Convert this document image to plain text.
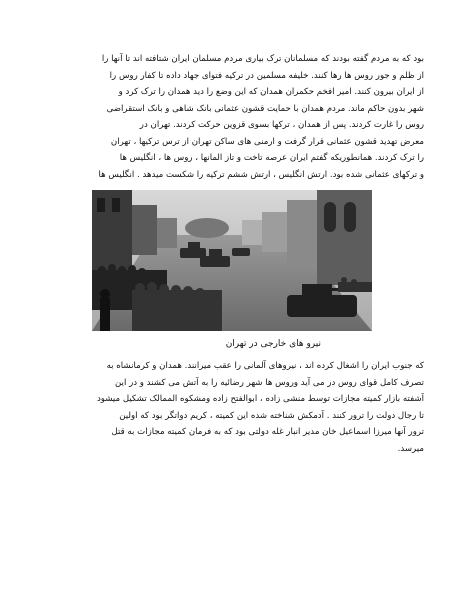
بود که به مردم گفته بودند که مسلمانان ترک بیاری مردم مسلمان ایران شتافته اند تا آنها را
از ظلم و جور روس ها رها کنند. خلیفه مسلمین در ترکیه فتوای جهاد داده تا کفار روس را
از ایران بیرون کنند. امیر افخم حکمران همدان که این وضع را دید همدان را ترک کرد و
شهر بدون حاکم ماند. مردم همدان با حمایت قشون عثمانی بانک شاهی و بانک استقراضی
روس را غارت کردند. پس از همدان ، ترکها بسوی قزوین حرکت کردند. تهران در
معرض تهدید قشون عثمانی قرار گرفت و ارمنی های ساکن تهران از ترس ترکیها ، تهران
را ترک کردند. همانطوریکه گفتم ایران عرصه تاخت و تاز المانها ، روس ها ، انگلیس ها
و ترکهای عثمانی شده بود. ارتش انگلیس ، ارتش ششم ترکیه را شکست میدهد . انگلیس ها
نیرو های خارجی در تهران
که جنوب ایران را اشغال کرده اند ، نیروهای آلمانی را عقب میرانند. همدان و کرمانشاه به
تصرف کامل قوای روس در می آید وروس ها شهر رضائیه را به آتش می کشند و در این
آشفته بازار کمیته مجازات توسط منشی زاده ، ابوالفتح زاده ومشکوه الممالک تشکیل میشود
تا رجال دولت را ترور کنند . آدمکش شناخته شده این کمیته ، کریم دواتگر بود که اولین
ترور آنها میرزا اسماعیل خان مدیر انبار غله دولتی بود که به فرمان کمیته مجازات به قتل
میرسد.
